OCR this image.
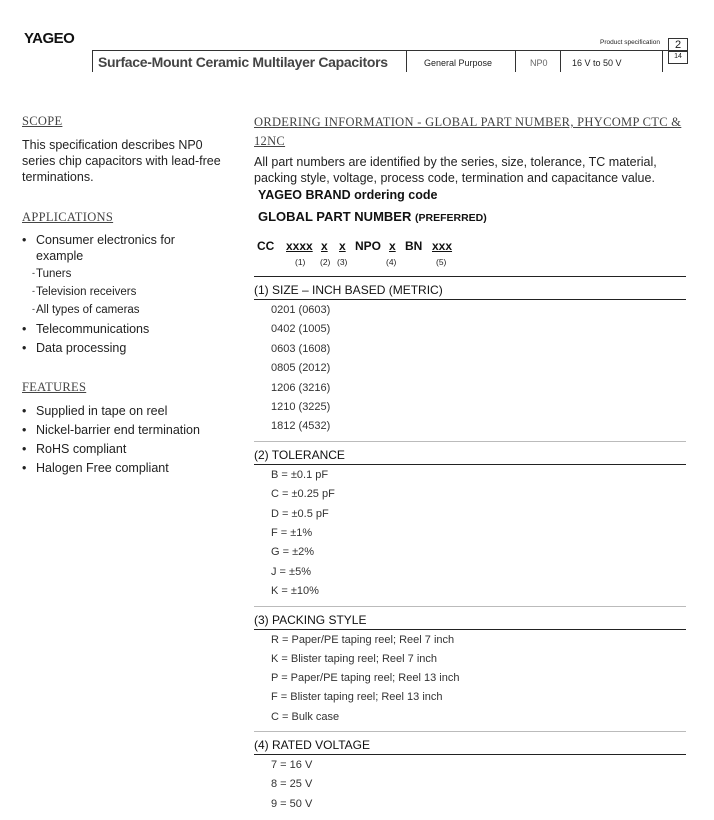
YAGEO
Surface-Mount Ceramic Multilayer Capacitors	General Purpose	NP0	16 V to 50 V
Product specification	2
14
SCOPE
This specification describes NP0 series chip capacitors with lead-free terminations.
APPLICATIONS
• Consumer electronics for example
- Tuners
- Television receivers
- All types of cameras
• Telecommunications
• Data processing
FEATURES
• Supplied in tape on reel
• Nickel-barrier end termination
• RoHS compliant
• Halogen Free compliant
ORDERING INFORMATION - GLOBAL PART NUMBER, PHYCOMP CTC & 12NC
All part numbers are identified by the series, size, tolerance, TC material, packing style, voltage, process code, termination and capacitance value.
YAGEO BRAND ordering code
GLOBAL PART NUMBER (PREFERRED)
CC xxxx x x NPO x BN xxx
(1) (2) (3)	(4)	(5)
(1) SIZE – INCH BASED (METRIC)
0201 (0603)
0402 (1005)
0603 (1608)
0805 (2012)
1206 (3216)
1210 (3225)
1812 (4532)
(2) TOLERANCE
B = ±0.1 pF
C = ±0.25 pF
D = ±0.5 pF
F = ±1%
G = ±2%
J = ±5%
K = ±10%
(3) PACKING STYLE
R = Paper/PE taping reel; Reel 7 inch
K = Blister taping reel; Reel 7 inch
P = Paper/PE taping reel; Reel 13 inch
F = Blister taping reel; Reel 13 inch
C = Bulk case
(4) RATED VOLTAGE
7 = 16 V
8 = 25 V
9 = 50 V
